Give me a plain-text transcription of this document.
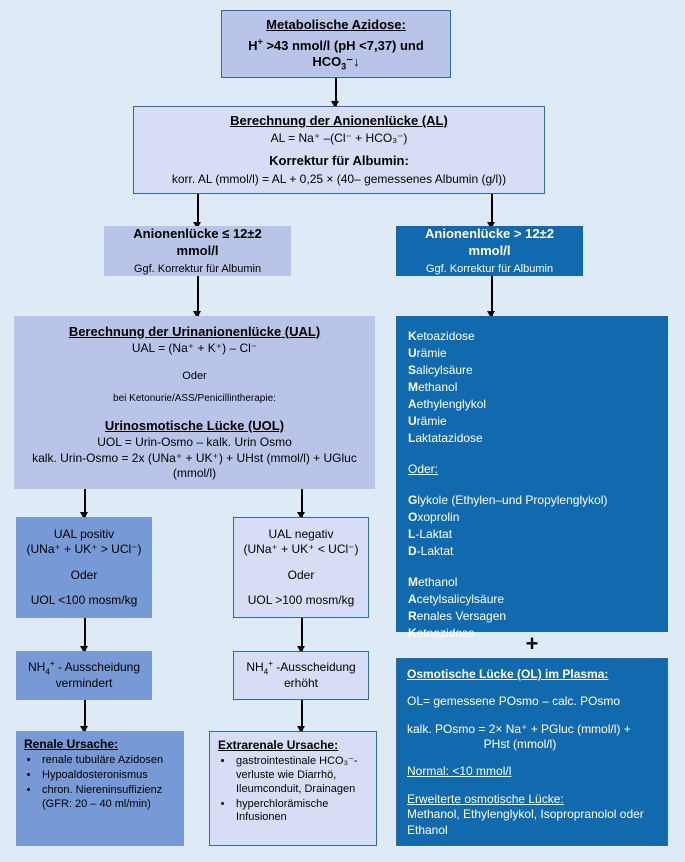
Metabolische Azidose:
H+ >43 nmol/l (pH <7,37) und $HCO_3^-↓$
Berechnung der Anionenlücke (AL)
AL = Na⁺ –(Cl⁻ + HCO₃⁻)
Korrektur für Albumin:
korr. AL (mmol/l) = AL + 0,25 × (40– gemessenes Albumin (g/l))
Anionenlücke ≤ 12±2 mmol/l
Ggf. Korrektur für Albumin
Anionenlücke > 12±2 mmol/l
Ggf. Korrektur für Albumin
Berechnung der Urinanionenlücke (UAL)
UAL = (Na⁺ + K⁺) – Cl⁻
Oder
bei Ketonurie/ASS/Penicillintherapie:
Urinosmotische Lücke (UOL)
UOL = Urin-Osmo – kalk. Urin Osmo
kalk. Urin-Osmo = 2x (UNa⁺ + UK⁺) + UHst (mmol/l) + UGluc
(mmol/l)
UAL positiv
(UNa⁺ + UK⁺ > UCl⁻)
Oder
UOL <100 mosm/kg
UAL negativ
(UNa⁺ + UK⁺ < UCl⁻)
Oder
UOL >100 mosm/kg
$NH_4^+$ - Ausscheidung
vermindert
$NH_4^+$ -Ausscheidung
erhöht
Renale Ursache:
• renale tubuläre Azidosen
• Hypoaldosteronismus
• chron. Niereninsuffizienz (GFR: 20 – 40 ml/min)
Extrarenale Ursache:
• gastrointestinale HCO₃⁻-verluste wie Diarrhö, Ileumconduit, Drainagen
• hyperchlorämische Infusionen
Ketoazidose
Urämie
Salicylsäure
Methanol
Aethylenglykol
Urämie
Laktatazidose
Oder:
Glykole (Ethylen–und Propylenglykol)
Oxoprolin
L-Laktat
D-Laktat
Methanol
Acetylsalicylsäure
Renales Versagen
Ketoazidose	+
Osmotische Lücke (OL) im Plasma:
OL= gemessene POsmo – calc. POsmo
kalk. POsmo = 2× Na⁺ + PGluc (mmol/l) +
PHst (mmol/l)
Normal: <10 mmol/l
Erweiterte osmotische Lücke:
Methanol, Ethylenglykol, Isopropranolol oder Ethanol
